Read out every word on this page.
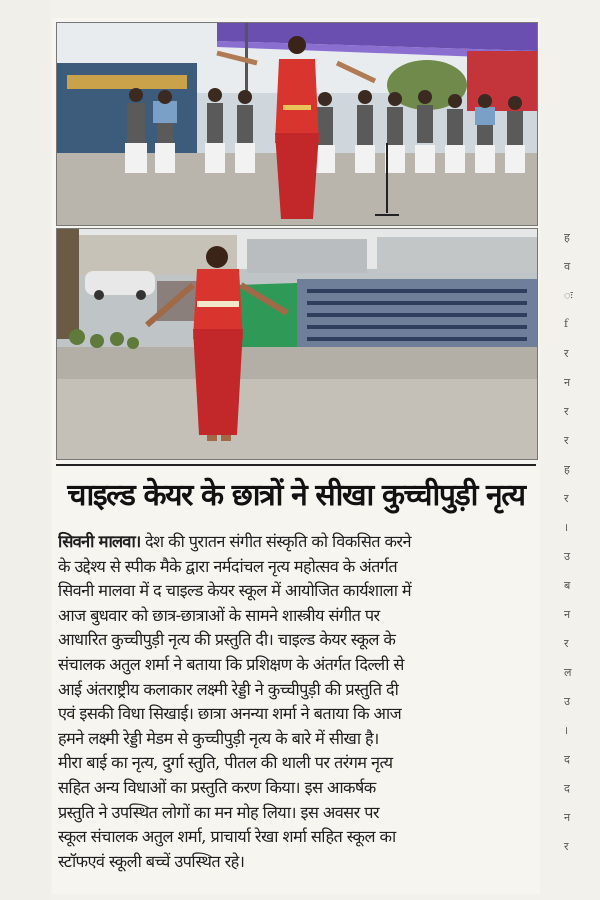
चाइल्ड केयर के छात्रों ने सीखा कुच्चीपुड़ी नृत्य
सिवनी मालवा। देश की पुरातन संगीत संस्कृति को विकसित करने
के उद्देश्य से स्पीक मैके द्वारा नर्मदांचल नृत्य महोत्सव के अंतर्गत
सिवनी मालवा में द चाइल्ड केयर स्कूल में आयोजित कार्यशाला में
आज बुधवार को छात्र-छात्राओं के सामने शास्त्रीय संगीत पर
आधारित कुच्चीपुड़ी नृत्य की प्रस्तुति दी। चाइल्ड केयर स्कूल के
संचालक अतुल शर्मा ने बताया कि प्रशिक्षण के अंतर्गत दिल्ली से
आई अंतराष्ट्रीय कलाकार लक्ष्मी रेड्डी ने कुच्चीपुड़ी की प्रस्तुति दी
एवं इसकी विधा सिखाई। छात्रा अनन्या शर्मा ने बताया कि आज
हमने लक्ष्मी रेड्डी मेडम से कुच्चीपुड़ी नृत्य के बारे में सीखा है।
मीरा बाई का नृत्य, दुर्गा स्तुति, पीतल की थाली पर तरंगम नृत्य
सहित अन्य विधाओं का प्रस्तुति करण किया। इस आकर्षक
प्रस्तुति ने उपस्थित लोगों का मन मोह लिया। इस अवसर पर
स्कूल संचालक अतुल शर्मा, प्राचार्या रेखा शर्मा सहित स्कूल का
स्टॉफएवं स्कूली बच्चें उपस्थित रहे।
ह
व
ः
f
र
न
र
र
ह
र
।
उ
ब
न
र
ल
उ
।
द
द
न
र
